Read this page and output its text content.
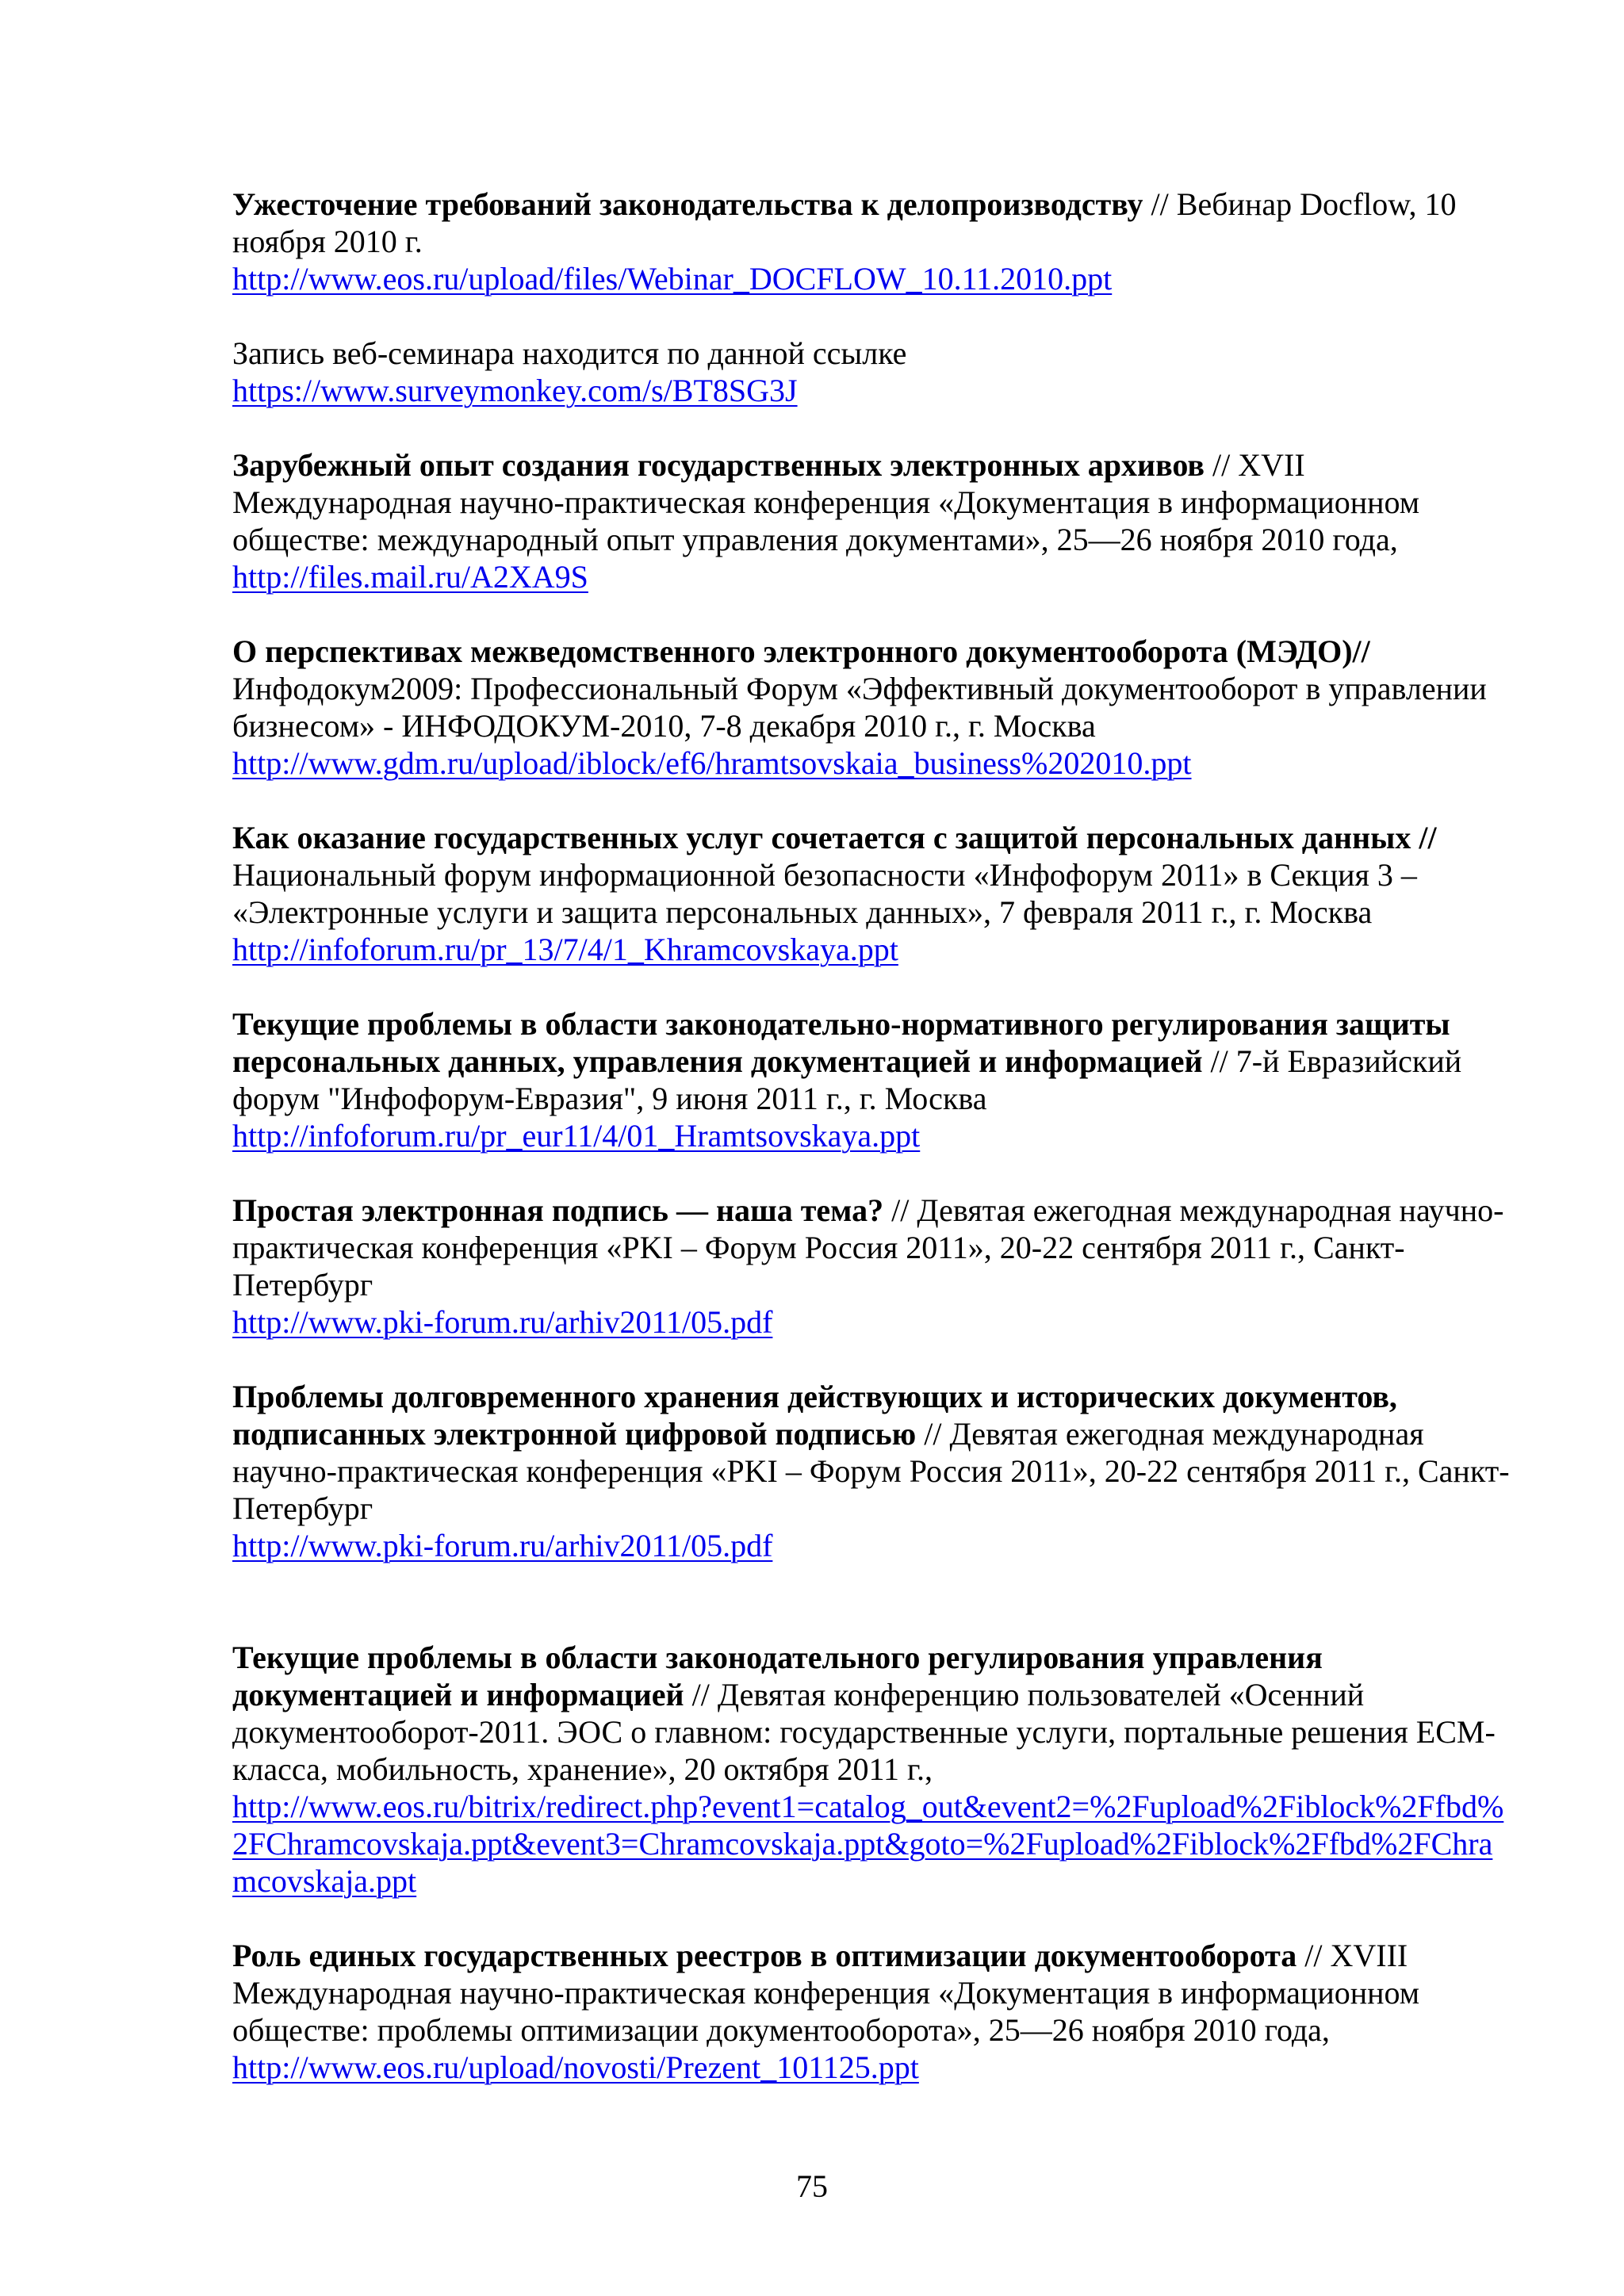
Ужесточение требований законодательства к делопроизводству // Вебинар Docflow, 10 ноября 2010 г.
http://www.eos.ru/upload/files/Webinar_DOCFLOW_10.11.2010.ppt

Запись веб-семинара находится по данной ссылке
https://www.surveymonkey.com/s/BT8SG3J

Зарубежный опыт создания государственных электронных архивов // XVII Международная научно-практическая конференция «Документация в информационном обществе: международный опыт управления документами», 25—26 ноября 2010 года,
http://files.mail.ru/A2XA9S

О перспективах межведомственного электронного документооборота (МЭДО)// Инфодокум2009: Профессиональный Форум «Эффективный документооборот в управлении бизнесом» - ИНФОДОКУМ-2010, 7-8 декабря 2010 г., г. Москва
http://www.gdm.ru/upload/iblock/ef6/hramtsovskaia_business%202010.ppt

Как оказание государственных услуг сочетается с защитой персональных данных // Национальный форум информационной безопасности «Инфофорум 2011» в Секция 3 – «Электронные услуги и защита персональных данных», 7 февраля 2011 г., г. Москва
http://infoforum.ru/pr_13/7/4/1_Khramcovskaya.ppt

Текущие проблемы в области законодательно-нормативного регулирования защиты персональных данных, управления документацией и информацией // 7-й Евразийский форум "Инфофорум-Евразия", 9 июня 2011 г., г. Москва
http://infoforum.ru/pr_eur11/4/01_Hramtsovskaya.ppt

Простая электронная подпись — наша тема? // Девятая ежегодная международная научно-практическая конференция «PKI – Форум Россия 2011», 20-22 сентября 2011 г., Санкт-Петербург
http://www.pki-forum.ru/arhiv2011/05.pdf

Проблемы долговременного хранения действующих и исторических документов, подписанных электронной цифровой подписью // Девятая ежегодная международная научно-практическая конференция «PKI – Форум Россия 2011», 20-22 сентября 2011 г., Санкт-Петербург
http://www.pki-forum.ru/arhiv2011/05.pdf

Текущие проблемы в области законодательного регулирования управления документацией и информацией // Девятая конференцию пользователей «Осенний документооборот-2011. ЭОС о главном: государственные услуги, портальные решения ECM-класса, мобильность, хранение», 20 октября 2011 г.,
http://www.eos.ru/bitrix/redirect.php?event1=catalog_out&event2=%2Fupload%2Fiblock%2Ffbd%2FChramcovskaja.ppt&event3=Chramcovskaja.ppt&goto=%2Fupload%2Fiblock%2Ffbd%2FChramcovskaja.ppt

Роль единых государственных реестров в оптимизации документооборота // XVIII Международная научно-практическая конференция «Документация в информационном обществе: проблемы оптимизации документооборота», 25—26 ноября 2010 года,
http://www.eos.ru/upload/novosti/Prezent_101125.ppt

75
